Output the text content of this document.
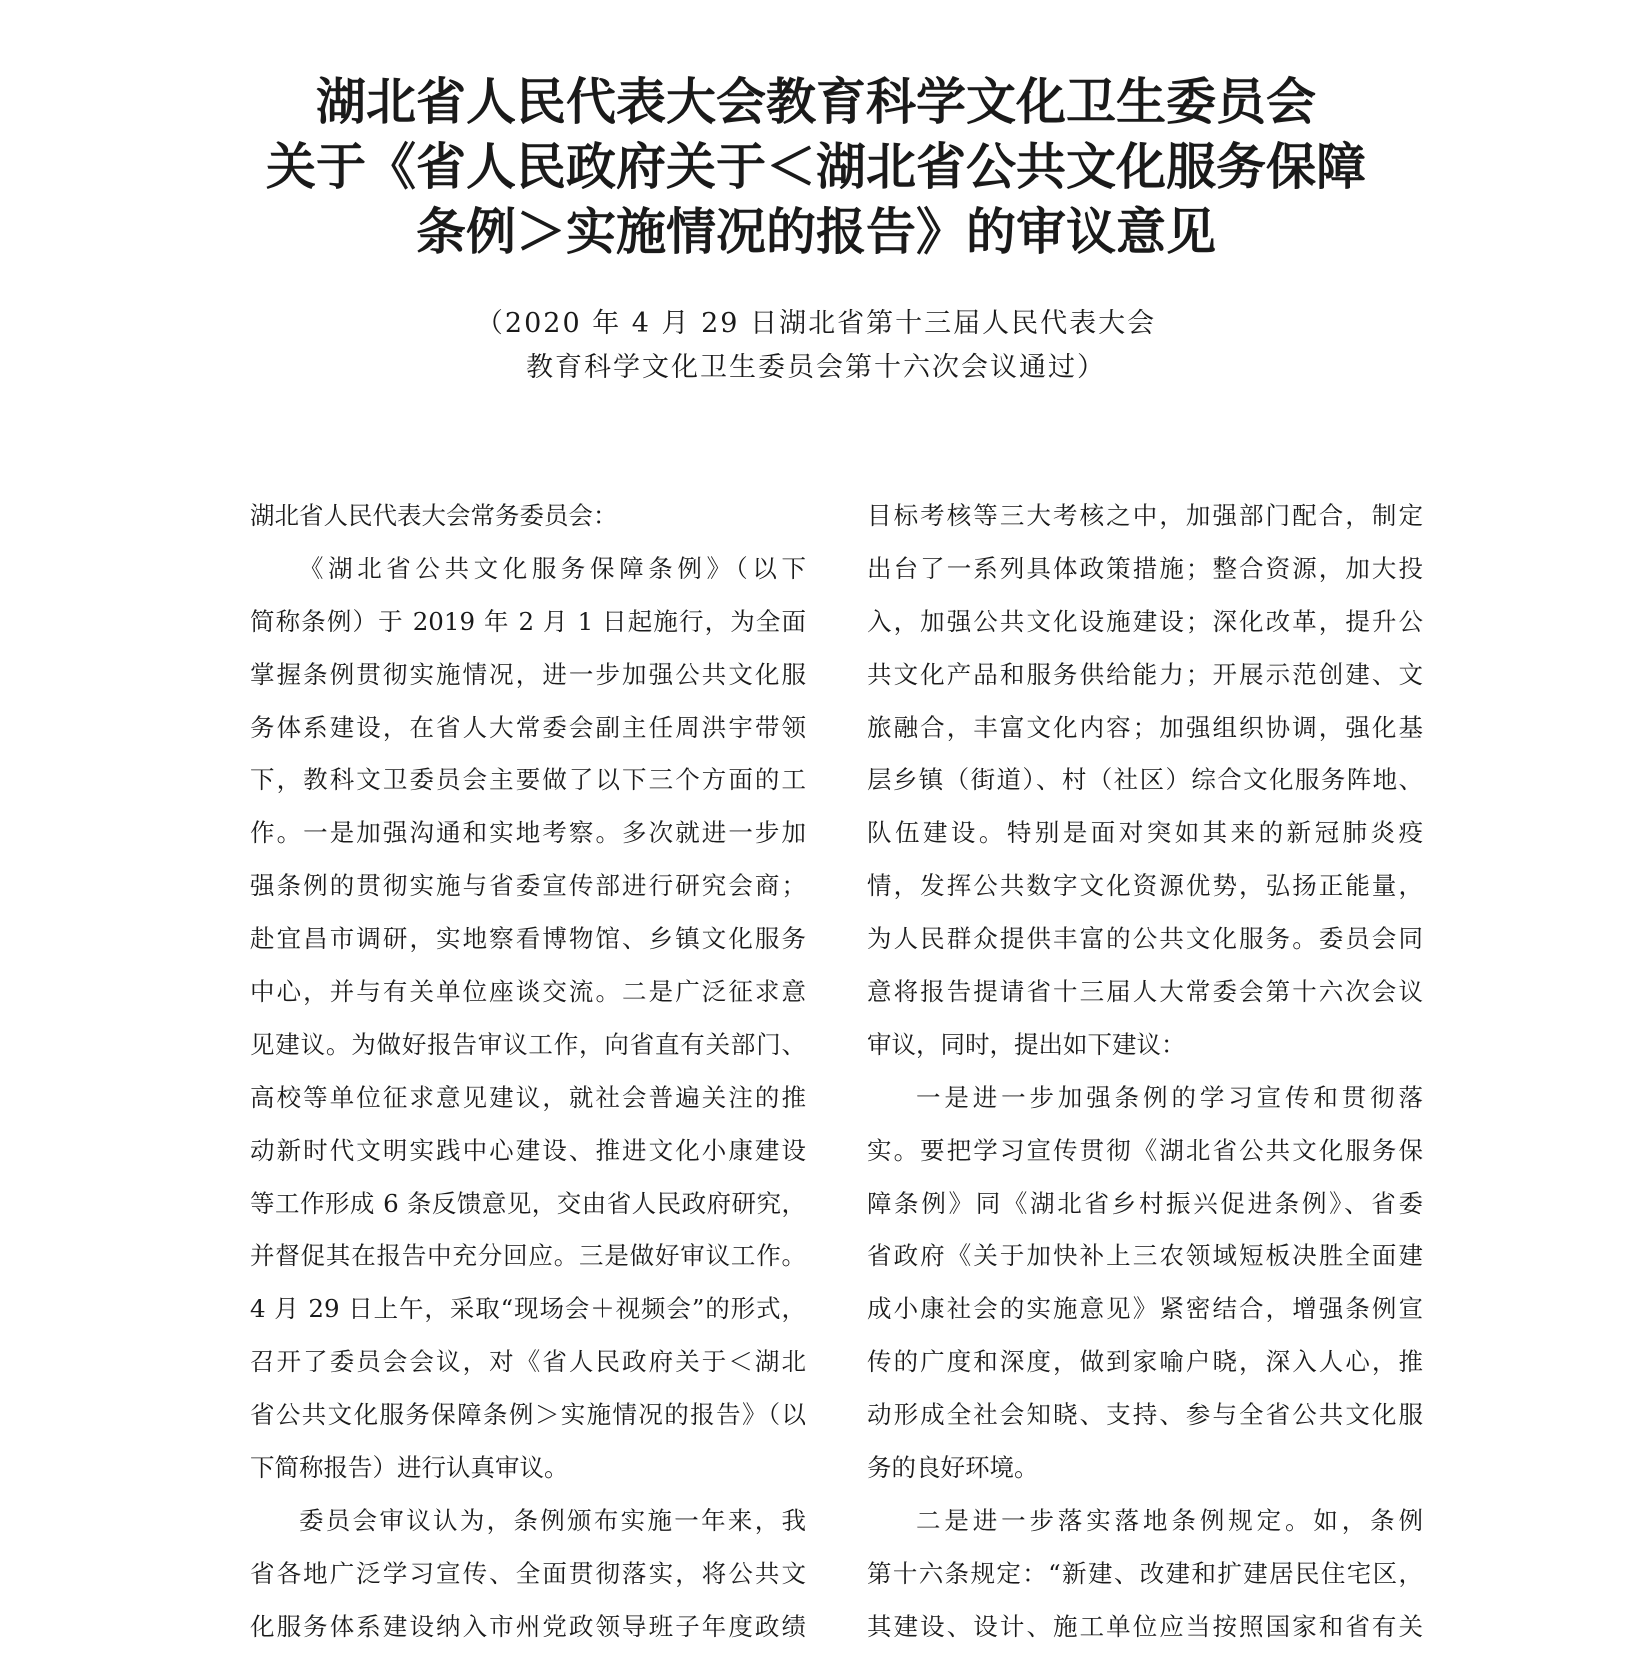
湖北省人民代表大会教育科学文化卫生委员会
关于《省人民政府关于＜湖北省公共文化服务保障
条例＞实施情况的报告》的审议意见
（2020 年 4 月 29 日湖北省第十三届人民代表大会
教育科学文化卫生委员会第十六次会议通过）
湖北省人民代表大会常务委员会：
《湖北省公共文化服务保障条例》（以下
简称条例）于 2019 年 2 月 1 日起施行，为全面
掌握条例贯彻实施情况，进一步加强公共文化服
务体系建设，在省人大常委会副主任周洪宇带领
下，教科文卫委员会主要做了以下三个方面的工
作。一是加强沟通和实地考察。多次就进一步加
强条例的贯彻实施与省委宣传部进行研究会商；
赴宜昌市调研，实地察看博物馆、乡镇文化服务
中心，并与有关单位座谈交流。二是广泛征求意
见建议。为做好报告审议工作，向省直有关部门、
高校等单位征求意见建议，就社会普遍关注的推
动新时代文明实践中心建设、推进文化小康建设
等工作形成 6 条反馈意见，交由省人民政府研究，
并督促其在报告中充分回应。三是做好审议工作。
4 月 29 日上午，采取“现场会＋视频会”的形式，
召开了委员会会议，对《省人民政府关于＜湖北
省公共文化服务保障条例＞实施情况的报告》（以
下简称报告）进行认真审议。
委员会审议认为，条例颁布实施一年来，我
省各地广泛学习宣传、全面贯彻落实，将公共文
化服务体系建设纳入市州党政领导班子年度政绩
目标考核等三大考核之中，加强部门配合，制定
出台了一系列具体政策措施；整合资源，加大投
入，加强公共文化设施建设；深化改革，提升公
共文化产品和服务供给能力；开展示范创建、文
旅融合，丰富文化内容；加强组织协调，强化基
层乡镇（街道）、村（社区）综合文化服务阵地、
队伍建设。特别是面对突如其来的新冠肺炎疫
情，发挥公共数字文化资源优势，弘扬正能量，
为人民群众提供丰富的公共文化服务。委员会同
意将报告提请省十三届人大常委会第十六次会议
审议，同时，提出如下建议：
一是进一步加强条例的学习宣传和贯彻落
实。要把学习宣传贯彻《湖北省公共文化服务保
障条例》同《湖北省乡村振兴促进条例》、省委
省政府《关于加快补上三农领域短板决胜全面建
成小康社会的实施意见》紧密结合，增强条例宣
传的广度和深度，做到家喻户晓，深入人心，推
动形成全社会知晓、支持、参与全省公共文化服
务的良好环境。
二是进一步落实落地条例规定。如，条例
第十六条规定：“新建、改建和扩建居民住宅区，
其建设、设计、施工单位应当按照国家和省有关
